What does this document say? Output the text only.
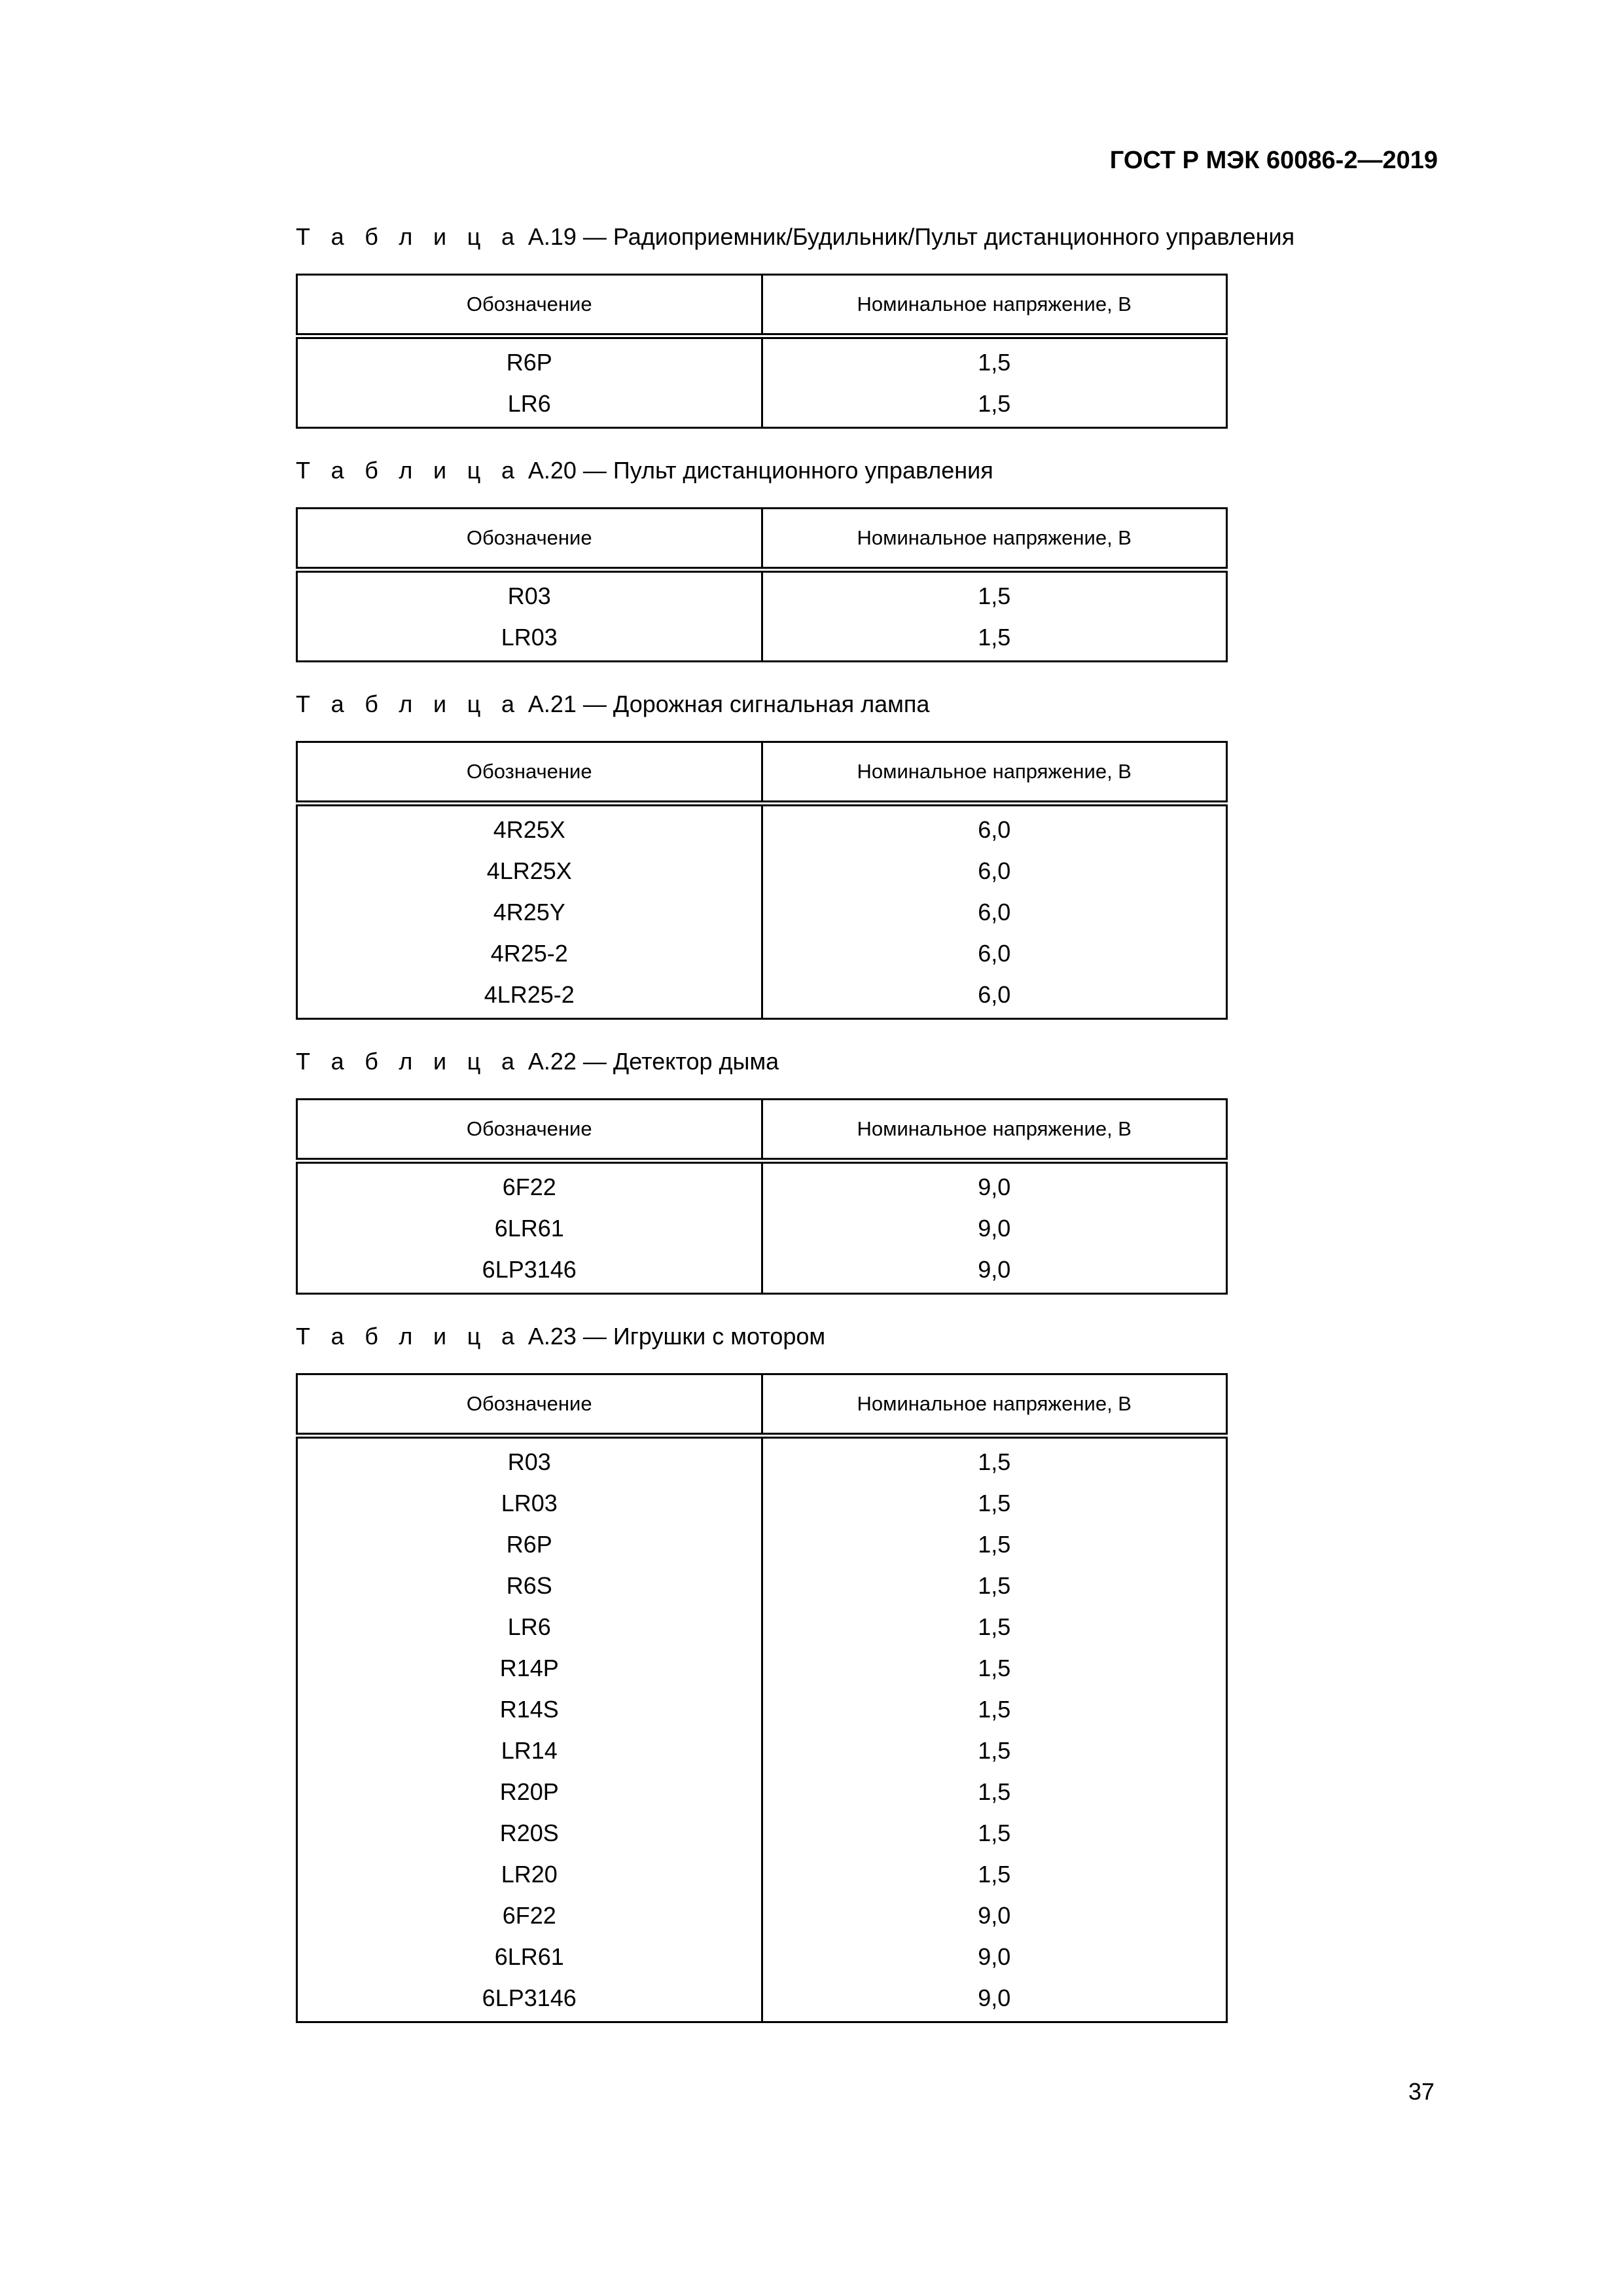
ГОСТ Р МЭК 60086-2—2019

Т а б л и ц а А.19 — Радиоприемник/Будильник/Пульт дистанционного управления

Обозначение	Номинальное напряжение, В
R6P	1,5
LR6	1,5

Т а б л и ц а А.20 — Пульт дистанционного управления

Обозначение	Номинальное напряжение, В
R03	1,5
LR03	1,5

Т а б л и ц а А.21 — Дорожная сигнальная лампа

Обозначение	Номинальное напряжение, В
4R25X	6,0
4LR25X	6,0
4R25Y	6,0
4R25-2	6,0
4LR25-2	6,0

Т а б л и ц а А.22 — Детектор дыма

Обозначение	Номинальное напряжение, В
6F22	9,0
6LR61	9,0
6LP3146	9,0

Т а б л и ц а А.23 — Игрушки с мотором

Обозначение	Номинальное напряжение, В
R03	1,5
LR03	1,5
R6P	1,5
R6S	1,5
LR6	1,5
R14P	1,5
R14S	1,5
LR14	1,5
R20P	1,5
R20S	1,5
LR20	1,5
6F22	9,0
6LR61	9,0
6LP3146	9,0

37
